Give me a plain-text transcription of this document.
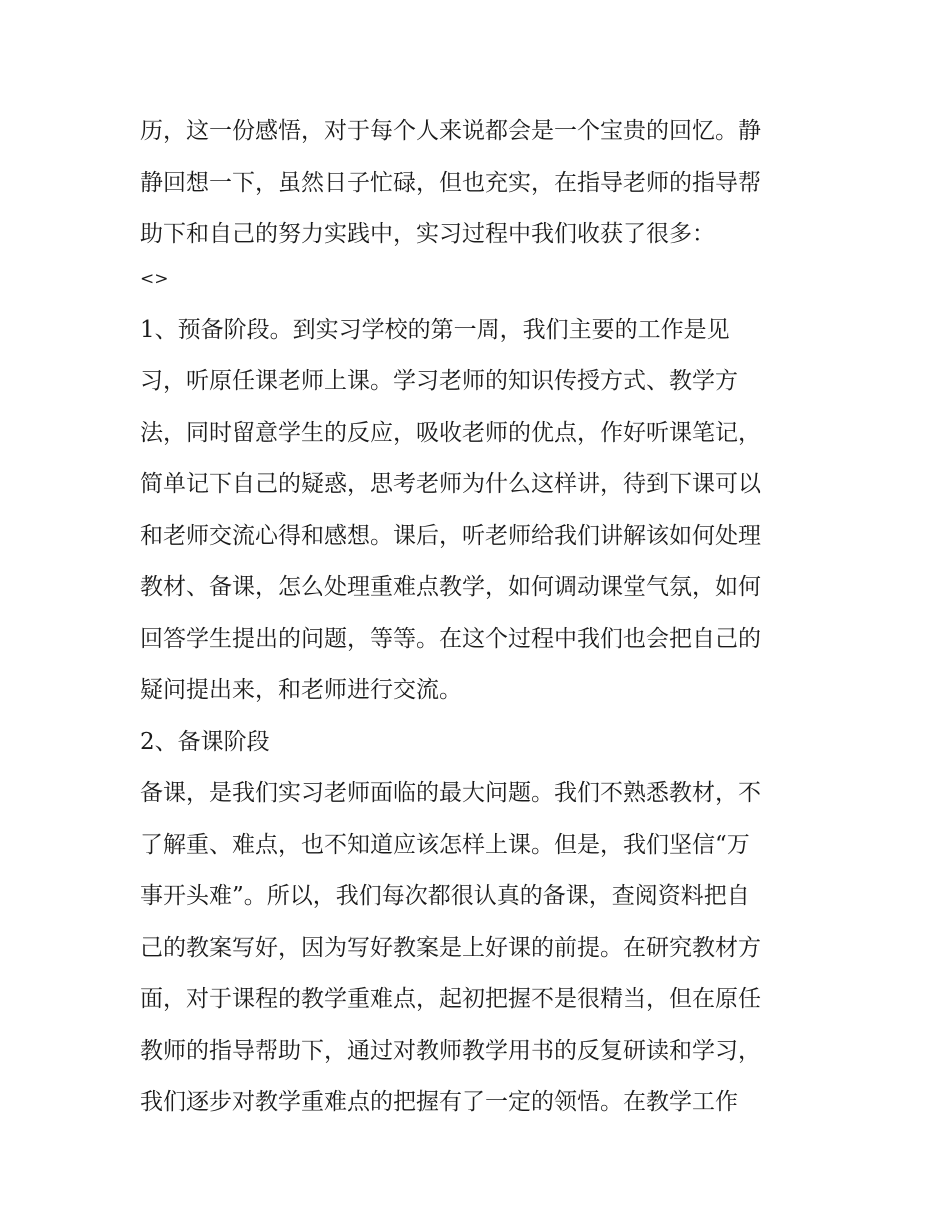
历，这一份感悟，对于每个人来说都会是一个宝贵的回忆。静
静回想一下，虽然日子忙碌，但也充实，在指导老师的指导帮
助下和自己的努力实践中，实习过程中我们收获了很多：
<>
1、预备阶段。到实习学校的第一周，我们主要的工作是见
习，听原任课老师上课。学习老师的知识传授方式、教学方
法，同时留意学生的反应，吸收老师的优点，作好听课笔记，
简单记下自己的疑惑，思考老师为什么这样讲，待到下课可以
和老师交流心得和感想。课后，听老师给我们讲解该如何处理
教材、备课，怎么处理重难点教学，如何调动课堂气氛，如何
回答学生提出的问题，等等。在这个过程中我们也会把自己的
疑问提出来，和老师进行交流。
2、备课阶段
备课，是我们实习老师面临的最大问题。我们不熟悉教材，不
了解重、难点，也不知道应该怎样上课。但是，我们坚信“万
事开头难”。所以，我们每次都很认真的备课，查阅资料把自
己的教案写好，因为写好教案是上好课的前提。在研究教材方
面，对于课程的教学重难点，起初把握不是很精当，但在原任
教师的指导帮助下，通过对教师教学用书的反复研读和学习，
我们逐步对教学重难点的把握有了一定的领悟。在教学工作
